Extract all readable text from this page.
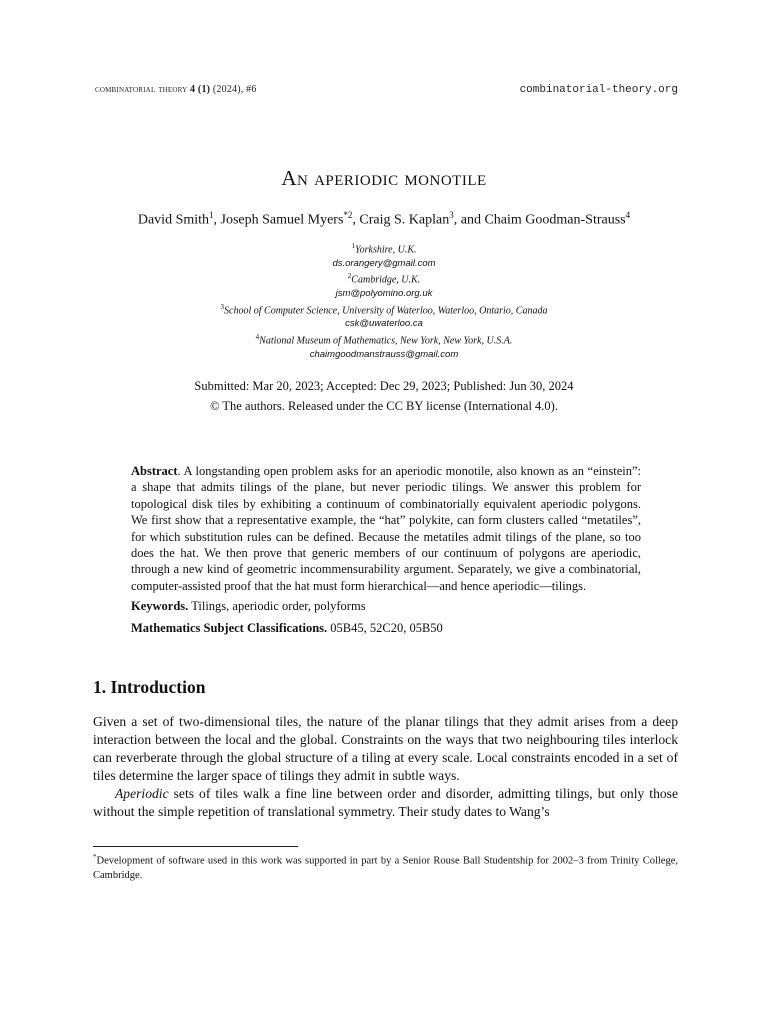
combinatorial theory 4 (1) (2024), #6	combinatorial-theory.org
An aperiodic monotile
David Smith$^1$, Joseph Samuel Myers$^{*2}$, Craig S. Kaplan$^3$, and Chaim Goodman-Strauss$^4$
$^1$Yorkshire, U.K.
ds.orangery@gmail.com
$^2$Cambridge, U.K.
jsm@polyomino.org.uk
$^3$School of Computer Science, University of Waterloo, Waterloo, Ontario, Canada
csk@uwaterloo.ca
$^4$National Museum of Mathematics, New York, New York, U.S.A.
chaimgoodmanstrauss@gmail.com
Submitted: Mar 20, 2023; Accepted: Dec 29, 2023; Published: Jun 30, 2024
© The authors. Released under the CC BY license (International 4.0).

Abstract. A longstanding open problem asks for an aperiodic monotile, also known as an “einstein”: a shape that admits tilings of the plane, but never periodic tilings. We answer this problem for topological disk tiles by exhibiting a continuum of combinatorially equivalent aperiodic polygons. We first show that a representative example, the “hat” polykite, can form clusters called “metatiles”, for which substitution rules can be defined. Because the metatiles admit tilings of the plane, so too does the hat. We then prove that generic members of our continuum of polygons are aperiodic, through a new kind of geometric incommensurability argument. Separately, we give a combinatorial, computer-assisted proof that the hat must form hierarchical—and hence aperiodic—tilings.

Keywords. Tilings, aperiodic order, polyforms

Mathematics Subject Classifications. 05B45, 52C20, 05B50

1. Introduction

Given a set of two-dimensional tiles, the nature of the planar tilings that they admit arises from a deep interaction between the local and the global. Constraints on the ways that two neighbouring tiles interlock can reverberate through the global structure of a tiling at every scale. Local constraints encoded in a set of tiles determine the larger space of tilings they admit in subtle ways.

Aperiodic sets of tiles walk a fine line between order and disorder, admitting tilings, but only those without the simple repetition of translational symmetry. Their study dates to Wang’s

*Development of software used in this work was supported in part by a Senior Rouse Ball Studentship for 2002–3 from Trinity College, Cambridge.
